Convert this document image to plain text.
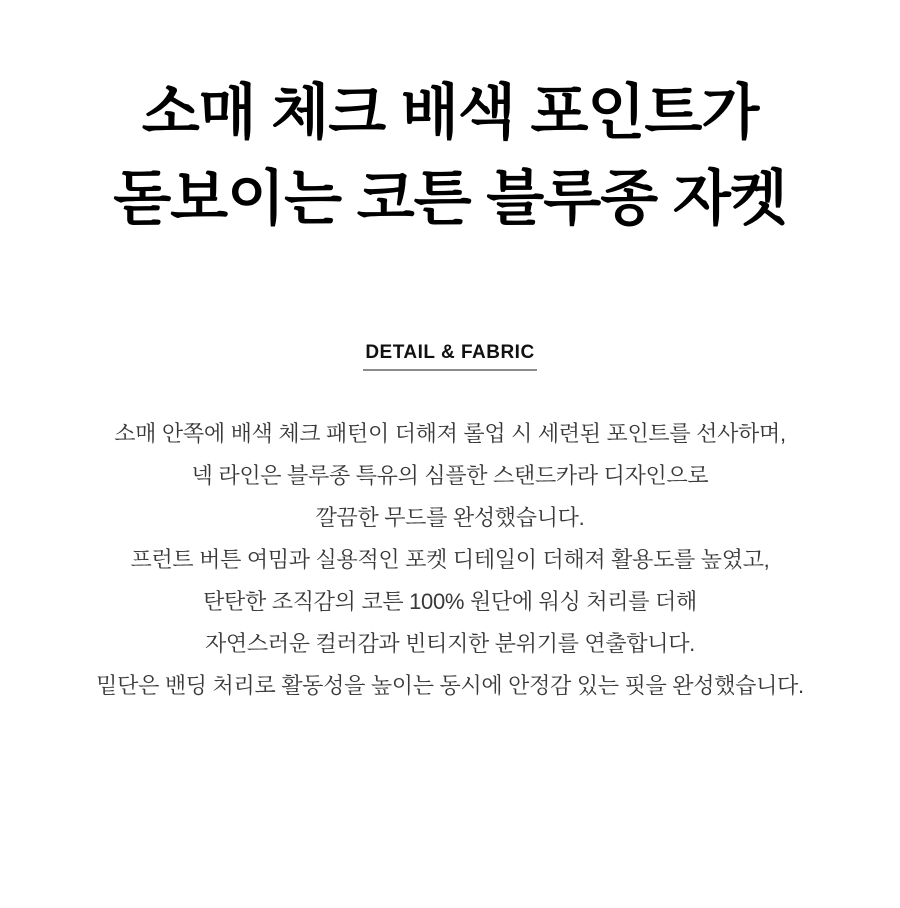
소매 체크 배색 포인트가
돋보이는 코튼 블루종 자켓
DETAIL & FABRIC

소매 안쪽에 배색 체크 패턴이 더해져 롤업 시 세련된 포인트를 선사하며,

넥 라인은 블루종 특유의 심플한 스탠드카라 디자인으로

깔끔한 무드를 완성했습니다.

프런트 버튼 여밈과 실용적인 포켓 디테일이 더해져 활용도를 높였고,

탄탄한 조직감의 코튼 100% 원단에 워싱 처리를 더해

자연스러운 컬러감과 빈티지한 분위기를 연출합니다.

밑단은 밴딩 처리로 활동성을 높이는 동시에 안정감 있는 핏을 완성했습니다.
